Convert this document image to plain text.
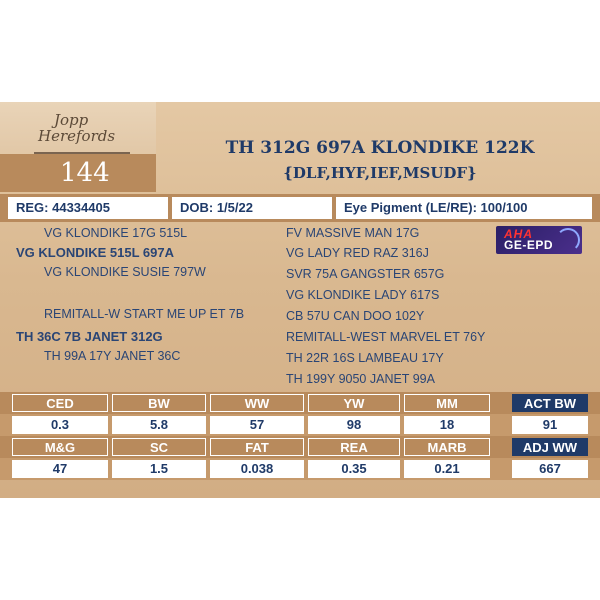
Jopp
Herefords
144
TH 312G 697A KLONDIKE 122K
{DLF,HYF,IEF,MSUDF}
REG: 44334405	DOB: 1/5/22	Eye Pigment (LE/RE): 100/100
VG KLONDIKE 17G 515L
VG KLONDIKE 515L 697A
VG KLONDIKE SUSIE 797W
REMITALL-W START ME UP ET 7B
TH 36C 7B JANET 312G
TH 99A 17Y JANET 36C
FV MASSIVE MAN 17G
VG LADY RED RAZ 316J
SVR 75A GANGSTER 657G
VG KLONDIKE LADY 617S
CB 57U CAN DOO 102Y
REMITALL-WEST MARVEL ET 76Y
TH 22R 16S LAMBEAU 17Y
TH 199Y 9050 JANET 99A
AHA
GE-EPD
CED	BW	WW	YW	MM	ACT BW
0.3	5.8	57	98	18	91
M&G	SC	FAT	REA	MARB	ADJ WW
47	1.5	0.038	0.35	0.21	667
